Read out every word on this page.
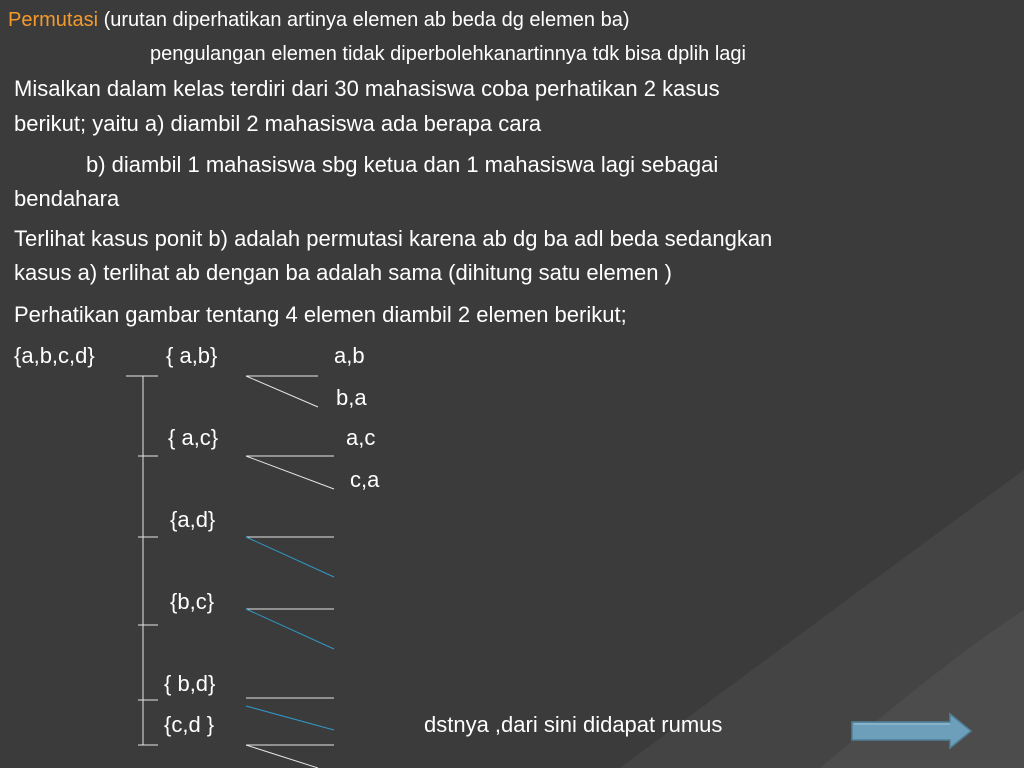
Permutasi (urutan diperhatikan artinya elemen ab beda dg elemen ba)
pengulangan elemen tidak diperbolehkanartinnya tdk bisa dplih lagi
Misalkan dalam kelas terdiri dari 30 mahasiswa coba perhatikan 2 kasus
berikut; yaitu a) diambil 2 mahasiswa ada berapa cara
b) diambil 1 mahasiswa sbg ketua dan 1 mahasiswa lagi sebagai
bendahara
Terlihat kasus ponit b) adalah permutasi karena ab dg ba adl beda sedangkan
kasus a) terlihat ab dengan ba adalah sama (dihitung satu elemen )
Perhatikan gambar tentang 4 elemen diambil 2 elemen berikut;
{a,b,c,d}	{ a,b}
{ a,c}
{a,d}
{b,c}
{ b,d}
{c,d }
a,b
b,a
a,c
c,a
dstnya ,dari sini didapat rumus
